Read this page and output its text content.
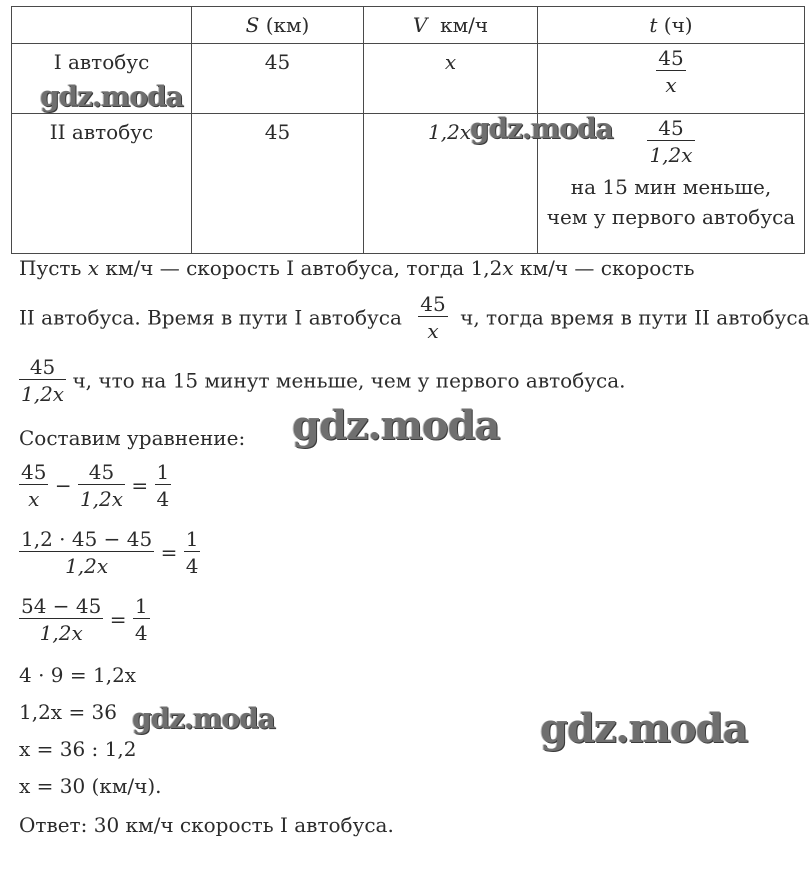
	S (км)	V км/ч	t (ч)

I автобус	45	x	$\frac{45}{x}$

II автобус	45	1,2x	$\frac{45}{1,2x}$
на 15 мин меньше,
чем у первого автобуса
Пусть x км/ч — скорость I автобуса, тогда 1,2x км/ч — скорость
II автобуса. Время в пути I автобуса $\frac{45}{x} ч$, тогда время в пути II автобуса
$\frac{45}{1,2x} ч$, что на 15 минут меньше, чем у первого автобуса.
Составим уравнение:
$\frac{45}{x} - \frac{45}{1,2x} = \frac{1}{4}$
$\frac{1,2 \cdot 45 - 45}{1,2x} = \frac{1}{4}$
$\frac{54 - 45}{1,2x} = \frac{1}{4}$
4 · 9 = 1,2x
1,2x = 36
x = 36 : 1,2
x = 30 (км/ч).
Ответ: 30 км/ч скорость I автобуса.
gdz.moda
gdz.moda
gdz.moda
gdz.moda	gdz.moda
